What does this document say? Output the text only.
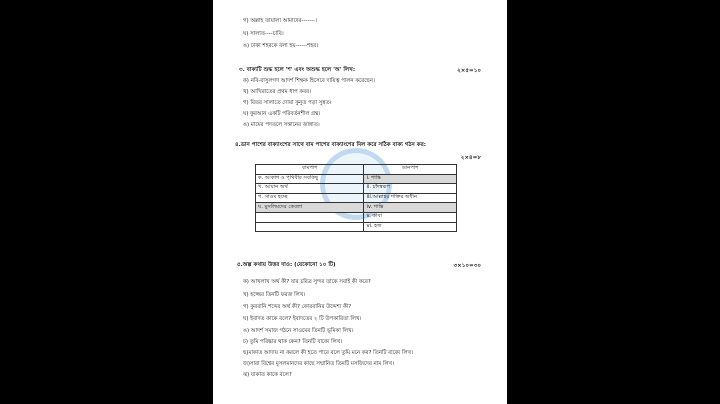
গ) অল্লাহ তায়ালা আমাদের-------।
ঘ) সালাত----চাবি।
ঙ) ঢাকা শহরকে বলা হয়------শহর।
৩. বাক্যটি শুদ্ধ হলে 'শ' এবং অশুদ্ধ হলে 'অ' লিখ:	২×৫=১০
ক) নবি-রাসুলগণ আদর্শ শিক্ষক হিসেবে দায়িত্ব পালন করেছেন।
খ) আখিরাতের প্রথম ধাপ কবর।
গ) বিতর সালাতে দোয়া কুনুত পড়া সুন্নত।
ঘ) কুরআন একটি পরিবর্তনশীল গ্রন্থ।
ঙ) মায়ের পদতলে সন্তানের জান্নাত।
৪.ডান পাশের বাক্যাংশের সাথে বাম পাশের বাক্যাংশের মিল করে সঠিক বাক্য গঠন কর:
২×৪=৮
বামপাশ	ডানপাশ
ক. আকাশ ও পৃথিবীর সবকিছু	i. শান্তি
খ. আযান অর্থ	ii. চাঁদস্বরূপ
গ. সাওম হচ্ছে	iii.আল্লাহর শক্তির অধীন
ঘ. মুসলিমদের কেবলা	iv. শান্তি
	v. কাবা
	vi. হজ
৫.অল্প কথায় উত্তর দাও: (যেকোনো ১০ টি)	৩×১০=৩০
ক) আখলাখ অর্থ কী? যার চরিত্র সুন্দর তাকে সবাই কী করে?
খ) হজ্জের তিনটি ফরজ লিখ।
গ) কুরবানি শব্দের অর্থ কী? কোরবানির উদ্দেশ্য কী?
ঘ) ইবাদত কাকে বলে? ইবাদতের ২ টি উপকারিতা লিখ।
ঙ) আদর্শ সমাজ গঠনে সাওমের তিনটি ভূমিকা লিখ।
চ) তুমি পরিষ্কার থাক কেন? তিনটি বাক্যে লিখ।
ছ)মাকাত আদায় না করলে কী হতে পারে বলে তুমি মনে কর? তিনটি বাক্যে লিখ।
জ)সারা বিশ্বের মুসলমানদের কাছে সম্মানিত তিনটি মসজিদের নাম লিখ।
ঝ) যাকাত কাকে বলে?
